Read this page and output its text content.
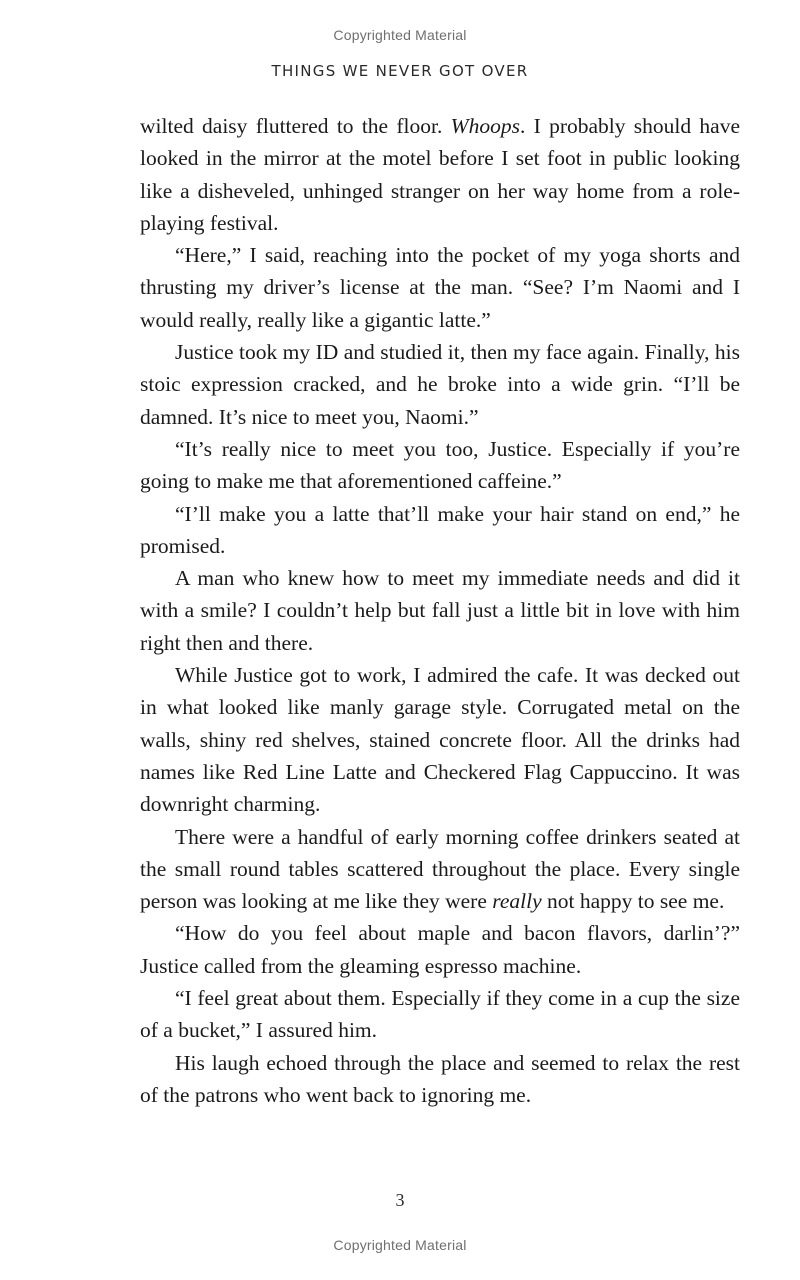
Copyrighted Material
THINGS WE NEVER GOT OVER

wilted daisy fluttered to the floor. Whoops. I probably should have looked in the mirror at the motel before I set foot in public looking like a disheveled, unhinged stranger on her way home from a role-playing festival.

“Here,” I said, reaching into the pocket of my yoga shorts and thrusting my driver’s license at the man. “See? I’m Naomi and I would really, really like a gigantic latte.”

Justice took my ID and studied it, then my face again. Finally, his stoic expression cracked, and he broke into a wide grin. “I’ll be damned. It’s nice to meet you, Naomi.”

“It’s really nice to meet you too, Justice. Especially if you’re going to make me that aforementioned caffeine.”

“I’ll make you a latte that’ll make your hair stand on end,” he promised.

A man who knew how to meet my immediate needs and did it with a smile? I couldn’t help but fall just a little bit in love with him right then and there.

While Justice got to work, I admired the cafe. It was decked out in what looked like manly garage style. Corrugated metal on the walls, shiny red shelves, stained concrete floor. All the drinks had names like Red Line Latte and Checkered Flag Cappuccino. It was downright charming.

There were a handful of early morning coffee drinkers seated at the small round tables scattered throughout the place. Every single person was looking at me like they were really not happy to see me.

“How do you feel about maple and bacon flavors, darlin’?” Justice called from the gleaming espresso machine.

“I feel great about them. Especially if they come in a cup the size of a bucket,” I assured him.

His laugh echoed through the place and seemed to relax the rest of the patrons who went back to ignoring me.

3
Copyrighted Material
